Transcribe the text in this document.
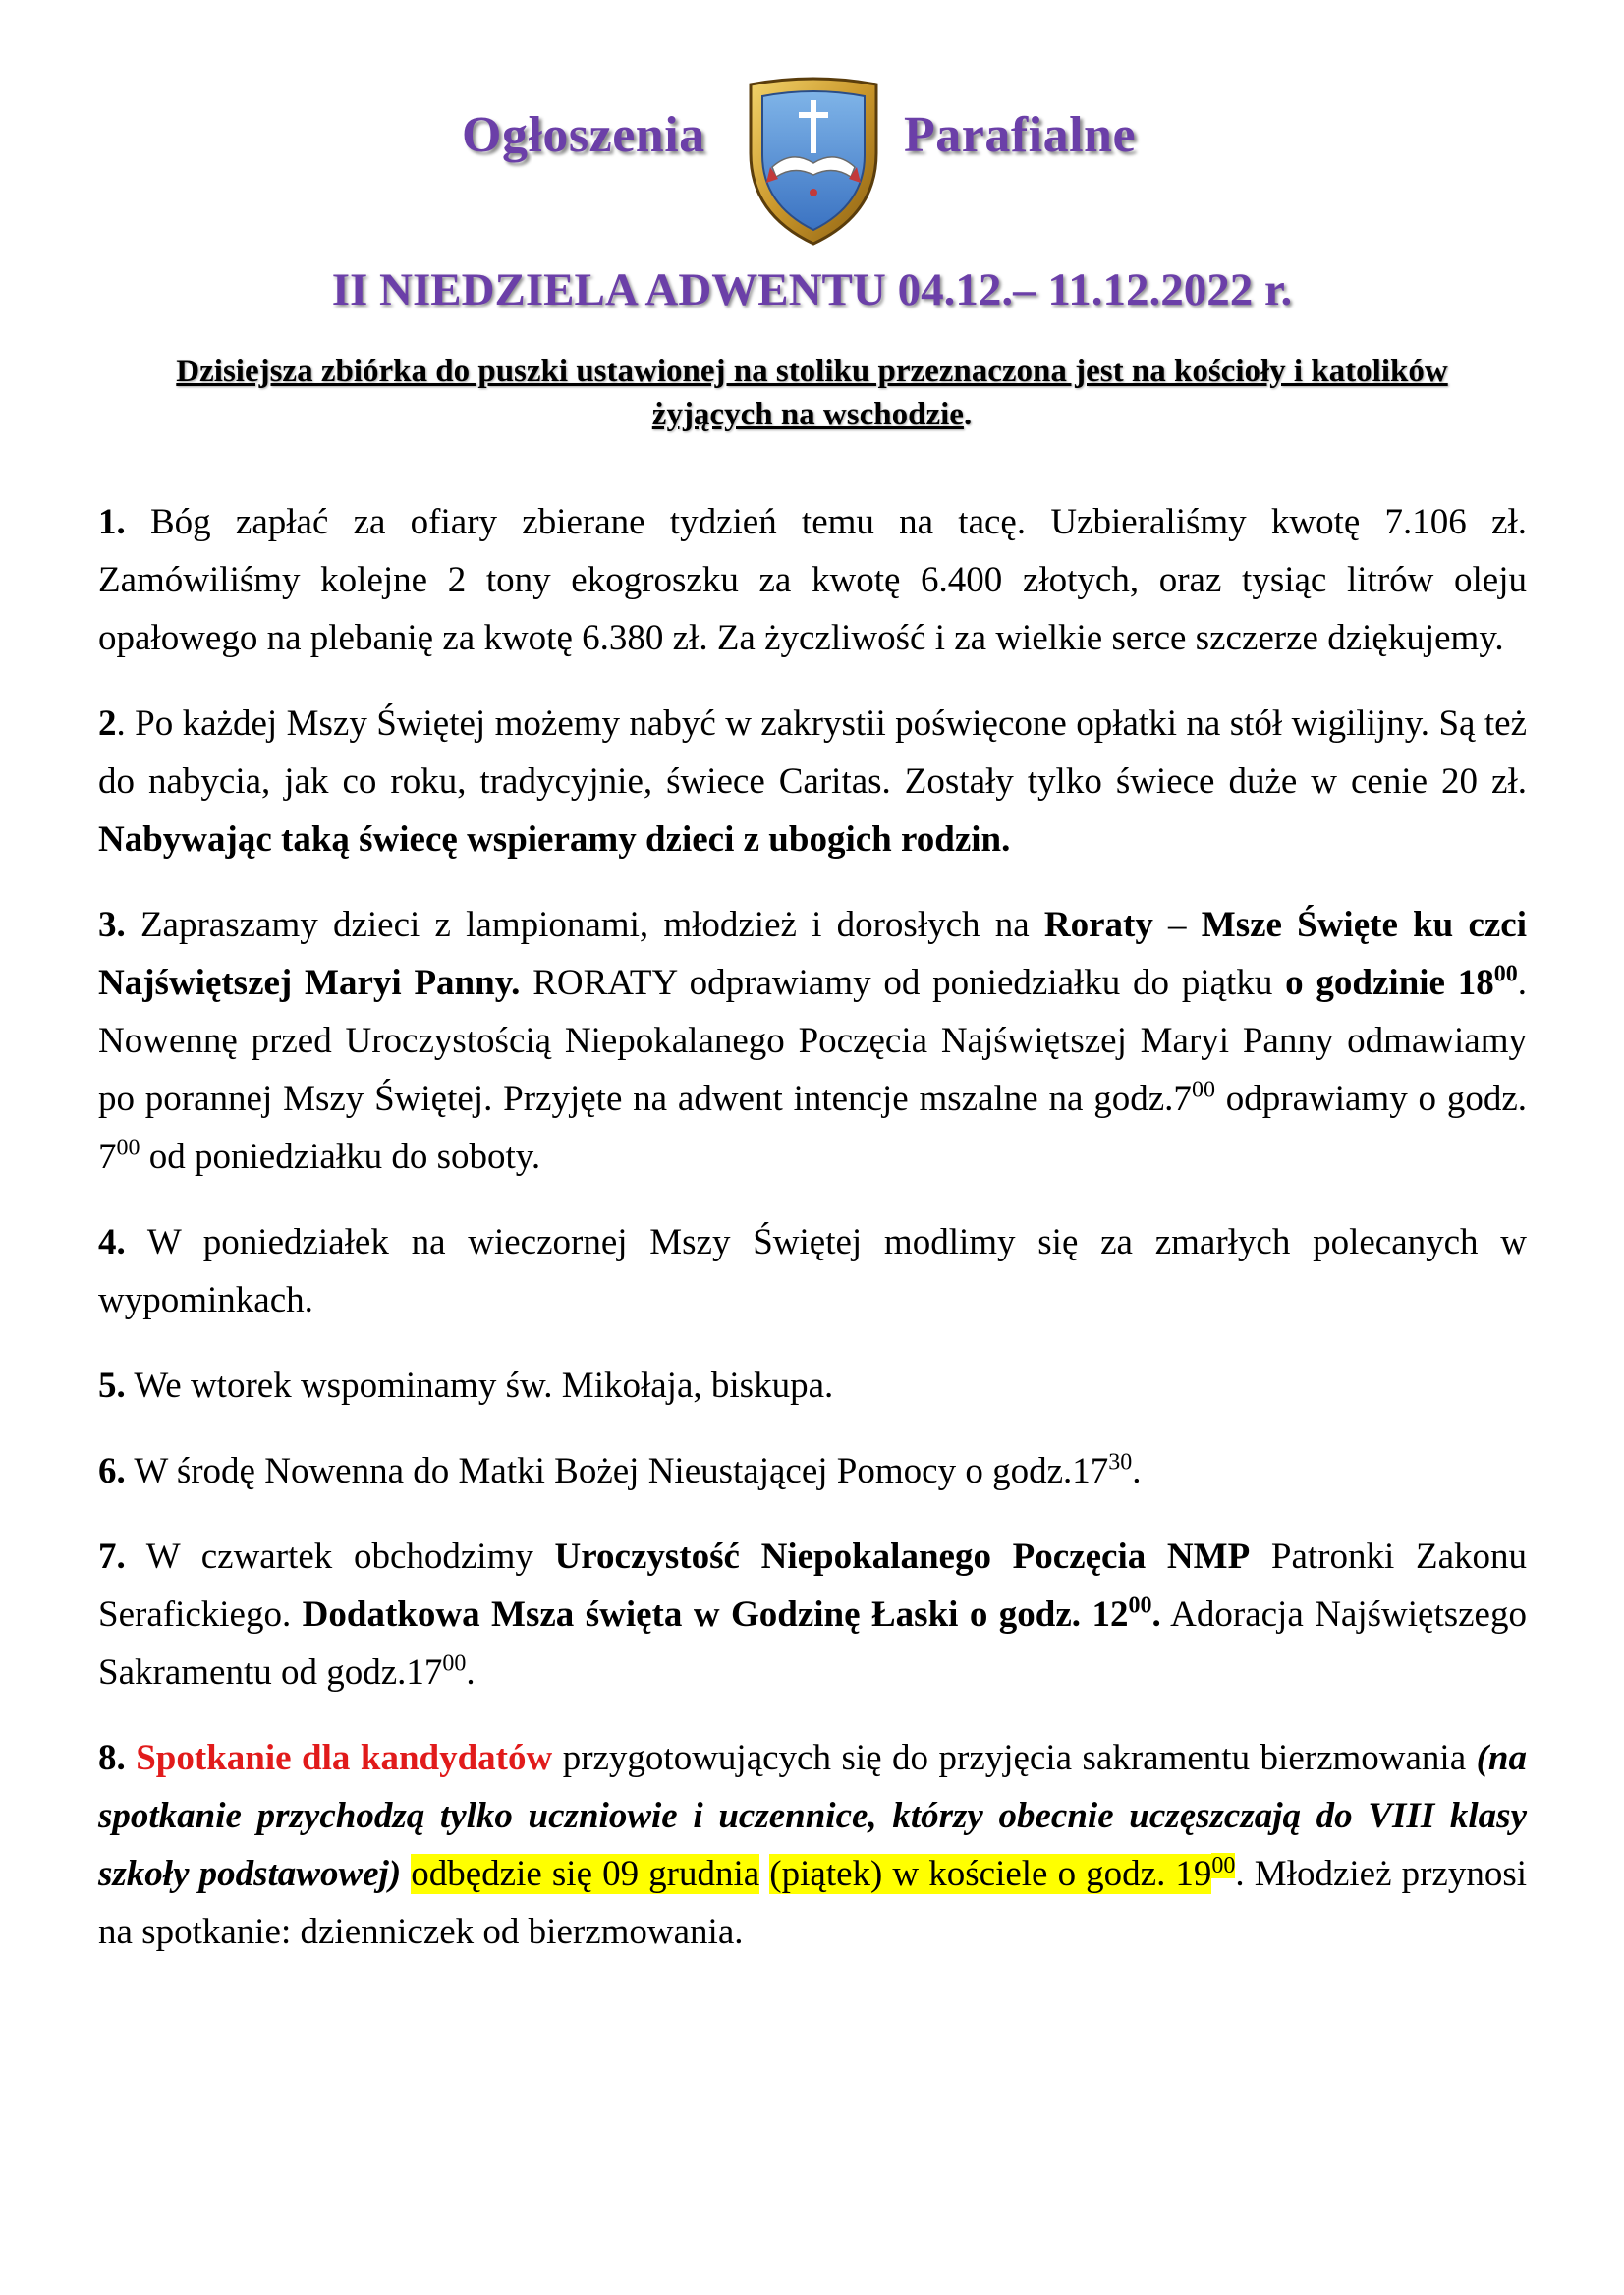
Ogłoszenia	Parafialne
II NIEDZIELA ADWENTU 04.12.– 11.12.2022 r.
Dzisiejsza zbiórka do puszki ustawionej na stoliku przeznaczona jest na kościoły i katolików
żyjących na wschodzie.

1. Bóg zapłać za ofiary zbierane tydzień temu na tacę. Uzbieraliśmy kwotę 7.106 zł. Zamówiliśmy kolejne 2 tony ekogroszku za kwotę 6.400 złotych, oraz tysiąc litrów oleju opałowego na plebanię za kwotę 6.380 zł. Za życzliwość i za wielkie serce szczerze dziękujemy.

2. Po każdej Mszy Świętej możemy nabyć w zakrystii poświęcone opłatki na stół wigilijny. Są też do nabycia, jak co roku, tradycyjnie, świece Caritas. Zostały tylko świece duże w cenie 20 zł. Nabywając taką świecę wspieramy dzieci z ubogich rodzin.

3. Zapraszamy dzieci z lampionami, młodzież i dorosłych na Roraty – Msze Święte ku czci Najświętszej Maryi Panny. RORATY odprawiamy od poniedziałku do piątku o godzinie $18^{00}$. Nowennę przed Uroczystością Niepokalanego Poczęcia Najświętszej Maryi Panny odmawiamy po porannej Mszy Świętej. Przyjęte na adwent intencje mszalne na $godz.7^{00}$ odprawiamy o godz. $7^{00}$ od poniedziałku do soboty.

4. W poniedziałek na wieczornej Mszy Świętej modlimy się za zmarłych polecanych w wypominkach.

5. We wtorek wspominamy św. Mikołaja, biskupa.

6. W środę Nowenna do Matki Bożej Nieustającej Pomocy o $godz.17^{30}$.

7. W czwartek obchodzimy Uroczystość Niepokalanego Poczęcia NMP Patronki Zakonu Serafickiego. Dodatkowa Msza święta w Godzinę Łaski o godz. $12^{00}$. Adoracja Najświętszego Sakramentu od $godz.17^{00}$.

8. Spotkanie dla kandydatów przygotowujących się do przyjęcia sakramentu bierzmowania (na spotkanie przychodzą tylko uczniowie i uczennice, którzy obecnie uczęszczają do VIII klasy szkoły podstawowej) odbędzie się 09 grudnia (piątek) w kościele o godz. $19^{00}$. Młodzież przynosi na spotkanie: dzienniczek od bierzmowania.
